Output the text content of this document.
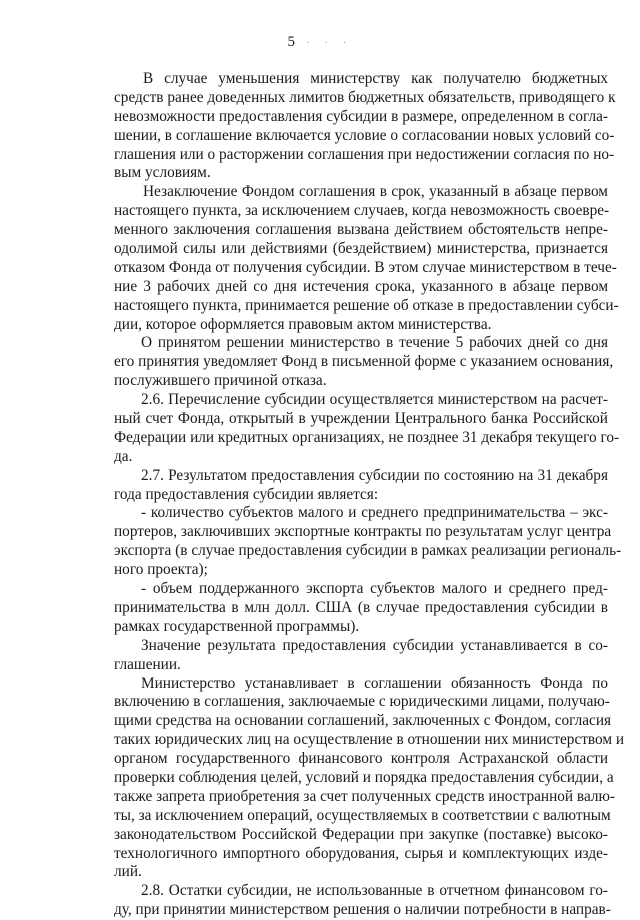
5 · · ·
В случае уменьшения министерству как получателю бюджетных
средств ранее доведенных лимитов бюджетных обязательств, приводящего к
невозможности предоставления субсидии в размере, определенном в согла-
шении, в соглашение включается условие о согласовании новых условий со-
глашения или о расторжении соглашения при недостижении согласия по но-
вым условиям.
Незаключение Фондом соглашения в срок, указанный в абзаце первом
настоящего пункта, за исключением случаев, когда невозможность своевре-
менного заключения соглашения вызвана действием обстоятельств непре-
одолимой силы или действиями (бездействием) министерства, признается
отказом Фонда от получения субсидии. В этом случае министерством в тече-
ние 3 рабочих дней со дня истечения срока, указанного в абзаце первом
настоящего пункта, принимается решение об отказе в предоставлении субси-
дии, которое оформляется правовым актом министерства.
О принятом решении министерство в течение 5 рабочих дней со дня
его принятия уведомляет Фонд в письменной форме с указанием основания,
послужившего причиной отказа.
2.6. Перечисление субсидии осуществляется министерством на расчет-
ный счет Фонда, открытый в учреждении Центрального банка Российской
Федерации или кредитных организациях, не позднее 31 декабря текущего го-
да.
2.7. Результатом предоставления субсидии по состоянию на 31 декабря
года предоставления субсидии является:
- количество субъектов малого и среднего предпринимательства – экс-
портеров, заключивших экспортные контракты по результатам услуг центра
экспорта (в случае предоставления субсидии в рамках реализации региональ-
ного проекта);
- объем поддержанного экспорта субъектов малого и среднего пред-
принимательства в млн долл. США (в случае предоставления субсидии в
рамках государственной программы).
Значение результата предоставления субсидии устанавливается в со-
глашении.
Министерство устанавливает в соглашении обязанность Фонда по
включению в соглашения, заключаемые с юридическими лицами, получаю-
щими средства на основании соглашений, заключенных с Фондом, согласия
таких юридических лиц на осуществление в отношении них министерством и
органом государственного финансового контроля Астраханской области
проверки соблюдения целей, условий и порядка предоставления субсидии, а
также запрета приобретения за счет полученных средств иностранной валю-
ты, за исключением операций, осуществляемых в соответствии с валютным
законодательством Российской Федерации при закупке (поставке) высоко-
технологичного импортного оборудования, сырья и комплектующих изде-
лий.
2.8. Остатки субсидии, не использованные в отчетном финансовом го-
ду, при принятии министерством решения о наличии потребности в направ-
